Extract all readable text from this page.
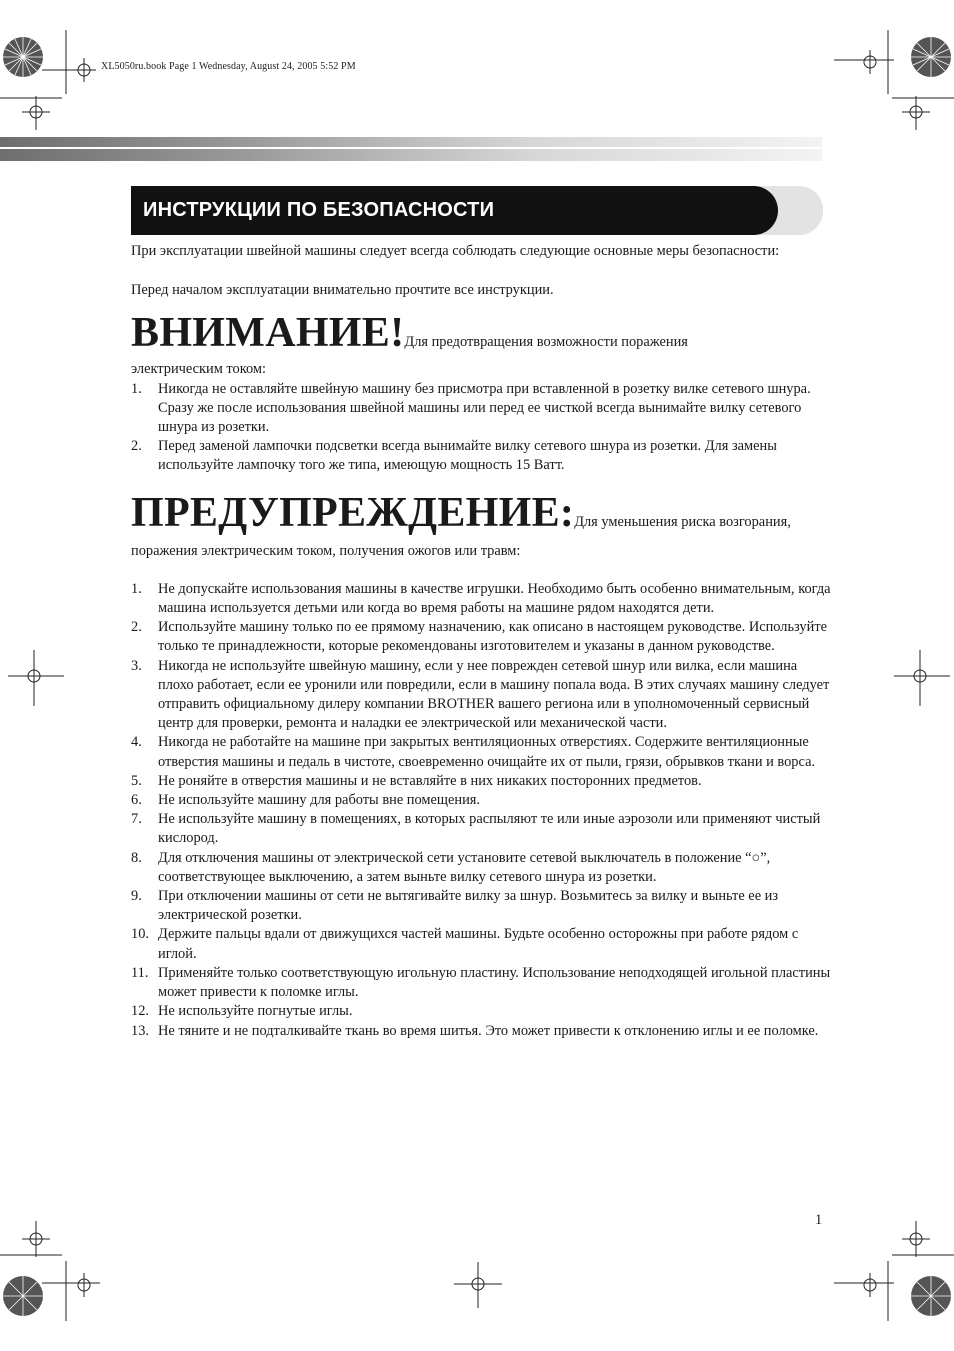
XL5050ru.book Page 1 Wednesday, August 24, 2005 5:52 PM
ИНСТРУКЦИИ ПО БЕЗОПАСНОСТИ

При эксплуатации швейной машины следует всегда соблюдать следующие основные меры безопасности:

Перед началом эксплуатации внимательно прочтите все инструкции.

ВНИМАНИЕ!Для предотвращения возможности поражения

электрическим током:

1. Никогда не оставляйте швейную машину без присмотра при вставленной в розетку вилке сетевого шнура. Сразу же после использования швейной машины или перед ее чисткой всегда вынимайте вилку сетевого шнура из розетки.
2. Перед заменой лампочки подсветки всегда вынимайте вилку сетевого шнура из розетки. Для замены используйте лампочку того же типа, имеющую мощность 15 Ватт.
ПРЕДУПРЕЖДЕНИЕ:Для уменьшения риска возгорания,

поражения электрическим током, получения ожогов или травм:

1. Не допускайте использования машины в качестве игрушки. Необходимо быть особенно внимательным, когда машина используется детьми или когда во время работы на машине рядом находятся дети.
2. Используйте машину только по ее прямому назначению, как описано в настоящем руководстве. Используйте только те принадлежности, которые рекомендованы изготовителем и указаны в данном руководстве.
3. Никогда не используйте швейную машину, если у нее поврежден сетевой шнур или вилка, если машина плохо работает, если ее уронили или повредили, если в машину попала вода. В этих случаях машину следует отправить официальному дилеру компании BROTHER вашего региона или в уполномоченный сервисный центр для проверки, ремонта и наладки ее электрической или механической части.
4. Никогда не работайте на машине при закрытых вентиляционных отверстиях. Содержите вентиляционные отверстия машины и педаль в чистоте, своевременно очищайте их от пыли, грязи, обрывков ткани и ворса.
5. Не роняйте в отверстия машины и не вставляйте в них никаких посторонних предметов.
6. Не используйте машину для работы вне помещения.
7. Не используйте машину в помещениях, в которых распыляют те или иные аэрозоли или применяют чистый кислород.
8. Для отключения машины от электрической сети установите сетевой выключатель в положение “○”, соответствующее выключению, а затем выньте вилку сетевого шнура из розетки.
9. При отключении машины от сети не вытягивайте вилку за шнур. Возьмитесь за вилку и выньте ее из электрической розетки.
10. Держите пальцы вдали от движущихся частей машины. Будьте особенно осторожны при работе рядом с иглой.
11. Применяйте только соответствующую игольную пластину. Использование неподходящей игольной пластины может привести к поломке иглы.
12. Не используйте погнутые иглы.
13. Не тяните и не подталкивайте ткань во время шитья. Это может привести к отклонению иглы и ее поломке.
1
